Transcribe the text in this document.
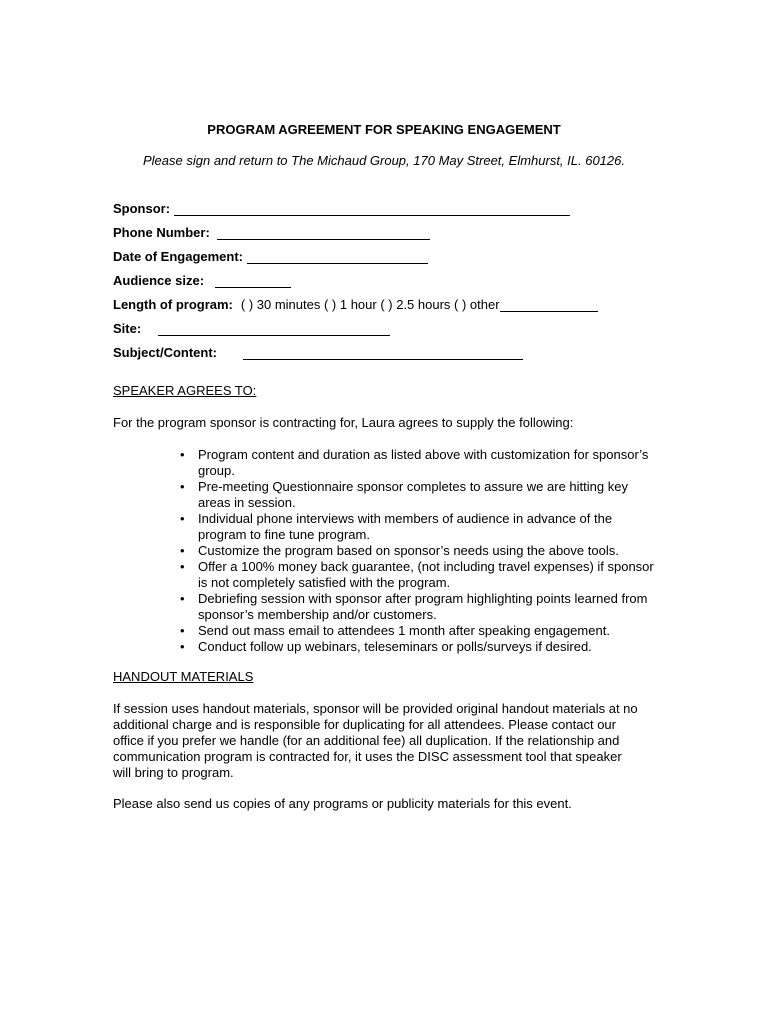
PROGRAM AGREEMENT FOR SPEAKING ENGAGEMENT
Please sign and return to The Michaud Group, 170 May Street, Elmhurst, IL. 60126.
Sponsor:
Phone Number:
Date of Engagement:
Audience size:
Length of program: ( ) 30 minutes ( ) 1 hour ( ) 2.5 hours ( ) other
Site:
Subject/Content:
SPEAKER AGREES TO:
For the program sponsor is contracting for, Laura agrees to supply the following:
• Program content and duration as listed above with customization for sponsor’s group.
• Pre-meeting Questionnaire sponsor completes to assure we are hitting key areas in session.
• Individual phone interviews with members of audience in advance of the program to fine tune program.
• Customize the program based on sponsor’s needs using the above tools.
• Offer a 100% money back guarantee, (not including travel expenses) if sponsor is not completely satisfied with the program.
• Debriefing session with sponsor after program highlighting points learned from sponsor’s membership and/or customers.
• Send out mass email to attendees 1 month after speaking engagement.
• Conduct follow up webinars, teleseminars or polls/surveys if desired.
HANDOUT MATERIALS
If session uses handout materials, sponsor will be provided original handout materials at no additional charge and is responsible for duplicating for all attendees. Please contact our office if you prefer we handle (for an additional fee) all duplication. If the relationship and communication program is contracted for, it uses the DISC assessment tool that speaker will bring to program.
Please also send us copies of any programs or publicity materials for this event.
